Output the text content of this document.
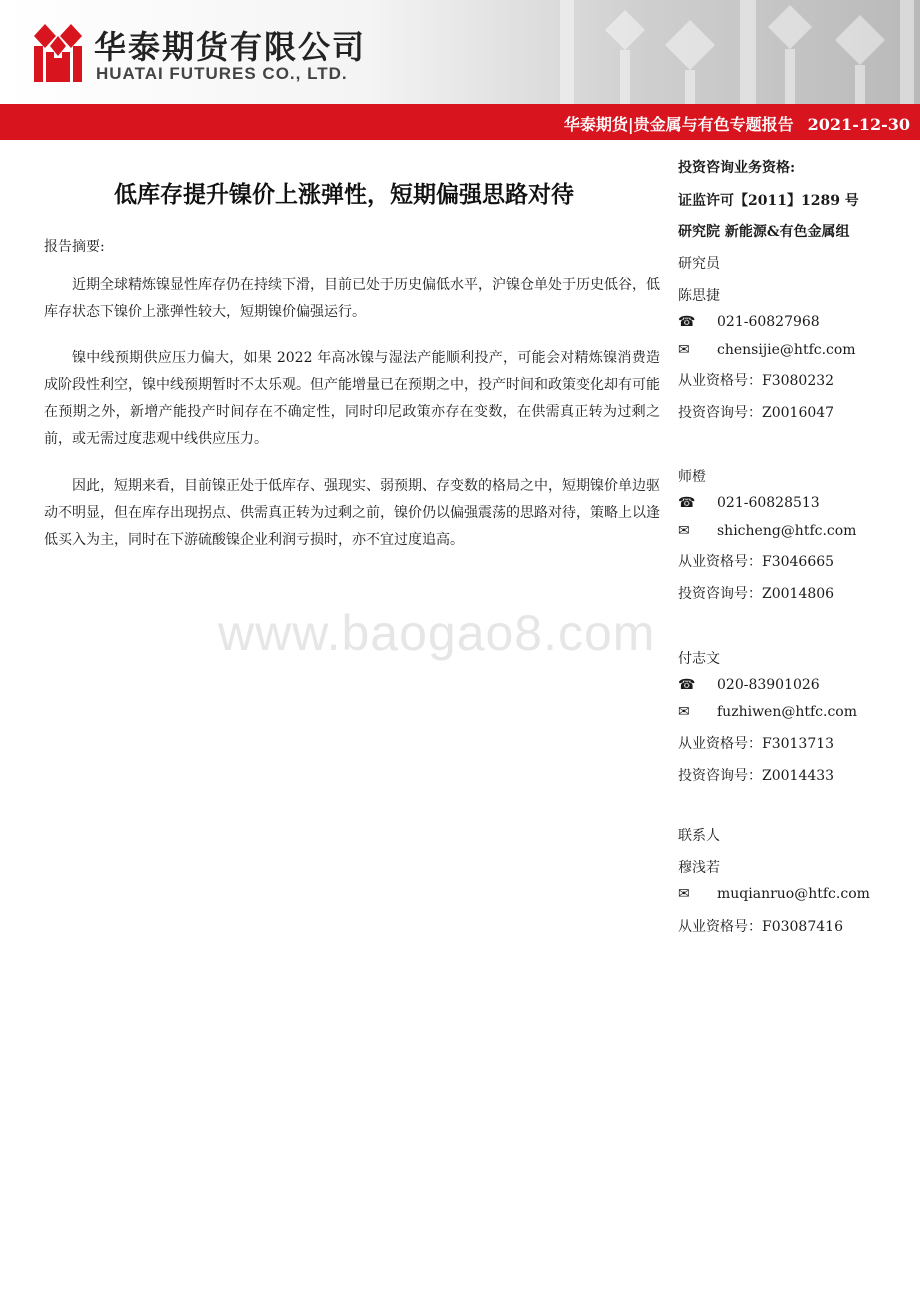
华泰期货有限公司
HUATAI FUTURES CO., LTD.
华泰期货|贵金属与有色专题报告 2021-12-30
低库存提升镍价上涨弹性，短期偏强思路对待
报告摘要:

近期全球精炼镍显性库存仍在持续下滑，目前已处于历史偏低水平，沪镍仓单处于历史低谷，低库存状态下镍价上涨弹性较大，短期镍价偏强运行。

镍中线预期供应压力偏大，如果 2022 年高冰镍与湿法产能顺利投产，可能会对精炼镍消费造成阶段性利空，镍中线预期暂时不太乐观。但产能增量已在预期之中，投产时间和政策变化却有可能在预期之外，新增产能投产时间存在不确定性，同时印尼政策亦存在变数，在供需真正转为过剩之前，或无需过度悲观中线供应压力。

因此，短期来看，目前镍正处于低库存、强现实、弱预期、存变数的格局之中，短期镍价单边驱动不明显，但在库存出现拐点、供需真正转为过剩之前，镍价仍以偏强震荡的思路对待，策略上以逢低买入为主，同时在下游硫酸镍企业利润亏损时，亦不宜过度追高。

www.baogao8.com
投资咨询业务资格:
证监许可【2011】1289 号
研究院 新能源&有色金属组
研究员
陈思捷
☎ 021-60827968
✉ chensijie@htfc.com
从业资格号：F3080232
投资咨询号：Z0016047
师橙
☎ 021-60828513
✉ shicheng@htfc.com
从业资格号：F3046665
投资咨询号：Z0014806
付志文
☎ 020-83901026
✉ fuzhiwen@htfc.com
从业资格号：F3013713
投资咨询号：Z0014433
联系人
穆浅若
✉ muqianruo@htfc.com
从业资格号：F03087416
